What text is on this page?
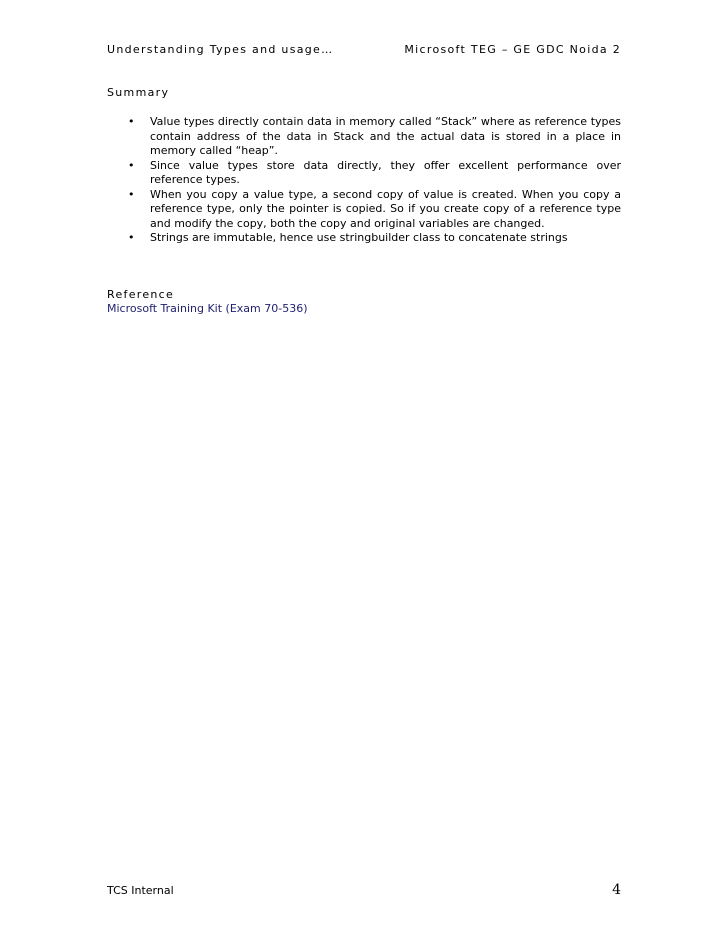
Understanding Types and usage…	Microsoft TEG – GE GDC Noida 2
Summary
• Value types directly contain data in memory called “Stack” where as reference types contain address of the data in Stack and the actual data is stored in a place in memory called “heap”.
• Since value types store data directly, they offer excellent performance over reference types.
• When you copy a value type, a second copy of value is created. When you copy a reference type, only the pointer is copied. So if you create copy of a reference type and modify the copy, both the copy and original variables are changed.
• Strings are immutable, hence use stringbuilder class to concatenate strings
Reference
Microsoft Training Kit (Exam 70-536)
TCS Internal	4
